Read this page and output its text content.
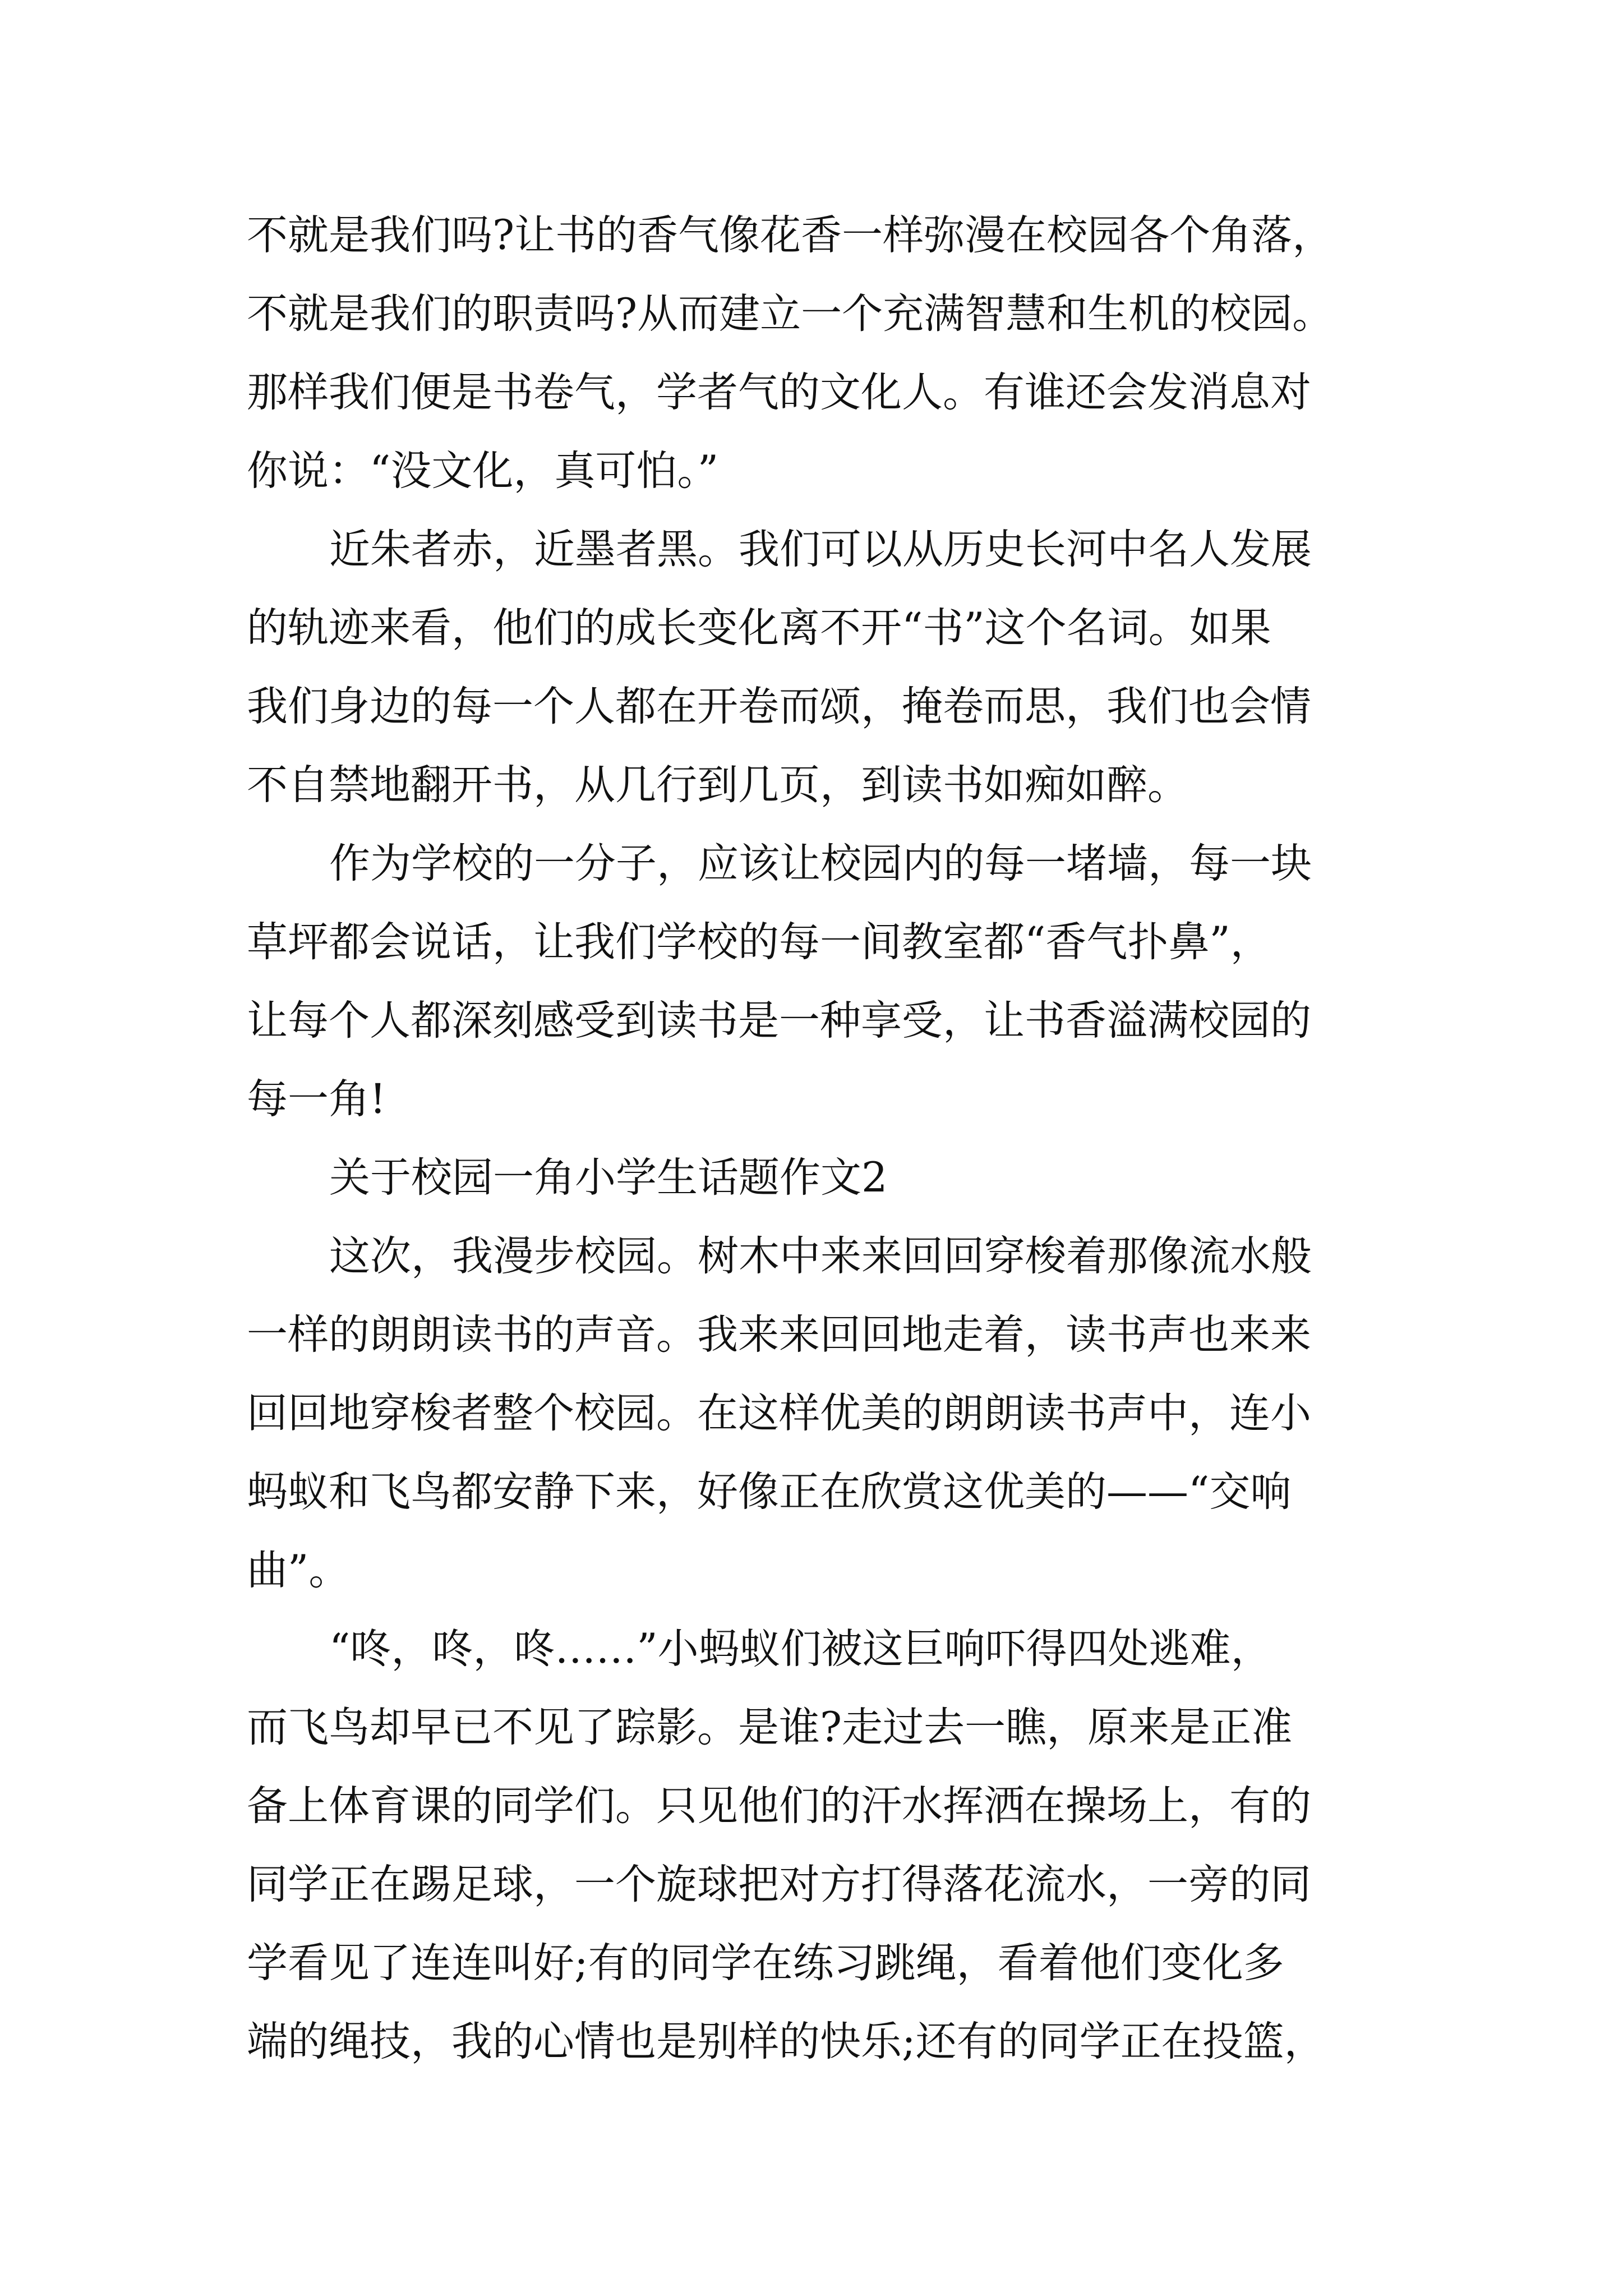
不就是我们吗?让书的香气像花香一样弥漫在校园各个角落，
不就是我们的职责吗?从而建立一个充满智慧和生机的校园。
那样我们便是书卷气，学者气的文化人。有谁还会发消息对
你说：“没文化，真可怕。”
近朱者赤，近墨者黑。我们可以从历史长河中名人发展
的轨迹来看，他们的成长变化离不开“书”这个名词。如果
我们身边的每一个人都在开卷而颂，掩卷而思，我们也会情
不自禁地翻开书，从几行到几页，到读书如痴如醉。
作为学校的一分子，应该让校园内的每一堵墙，每一块
草坪都会说话，让我们学校的每一间教室都“香气扑鼻”，
让每个人都深刻感受到读书是一种享受，让书香溢满校园的
每一角!
关于校园一角小学生话题作文2
这次，我漫步校园。树木中来来回回穿梭着那像流水般
一样的朗朗读书的声音。我来来回回地走着，读书声也来来
回回地穿梭者整个校园。在这样优美的朗朗读书声中，连小
蚂蚁和飞鸟都安静下来，好像正在欣赏这优美的——“交响
曲”。
“咚，咚，咚……”小蚂蚁们被这巨响吓得四处逃难，
而飞鸟却早已不见了踪影。是谁?走过去一瞧，原来是正准
备上体育课的同学们。只见他们的汗水挥洒在操场上，有的
同学正在踢足球，一个旋球把对方打得落花流水，一旁的同
学看见了连连叫好;有的同学在练习跳绳，看着他们变化多
端的绳技，我的心情也是别样的快乐;还有的同学正在投篮，
